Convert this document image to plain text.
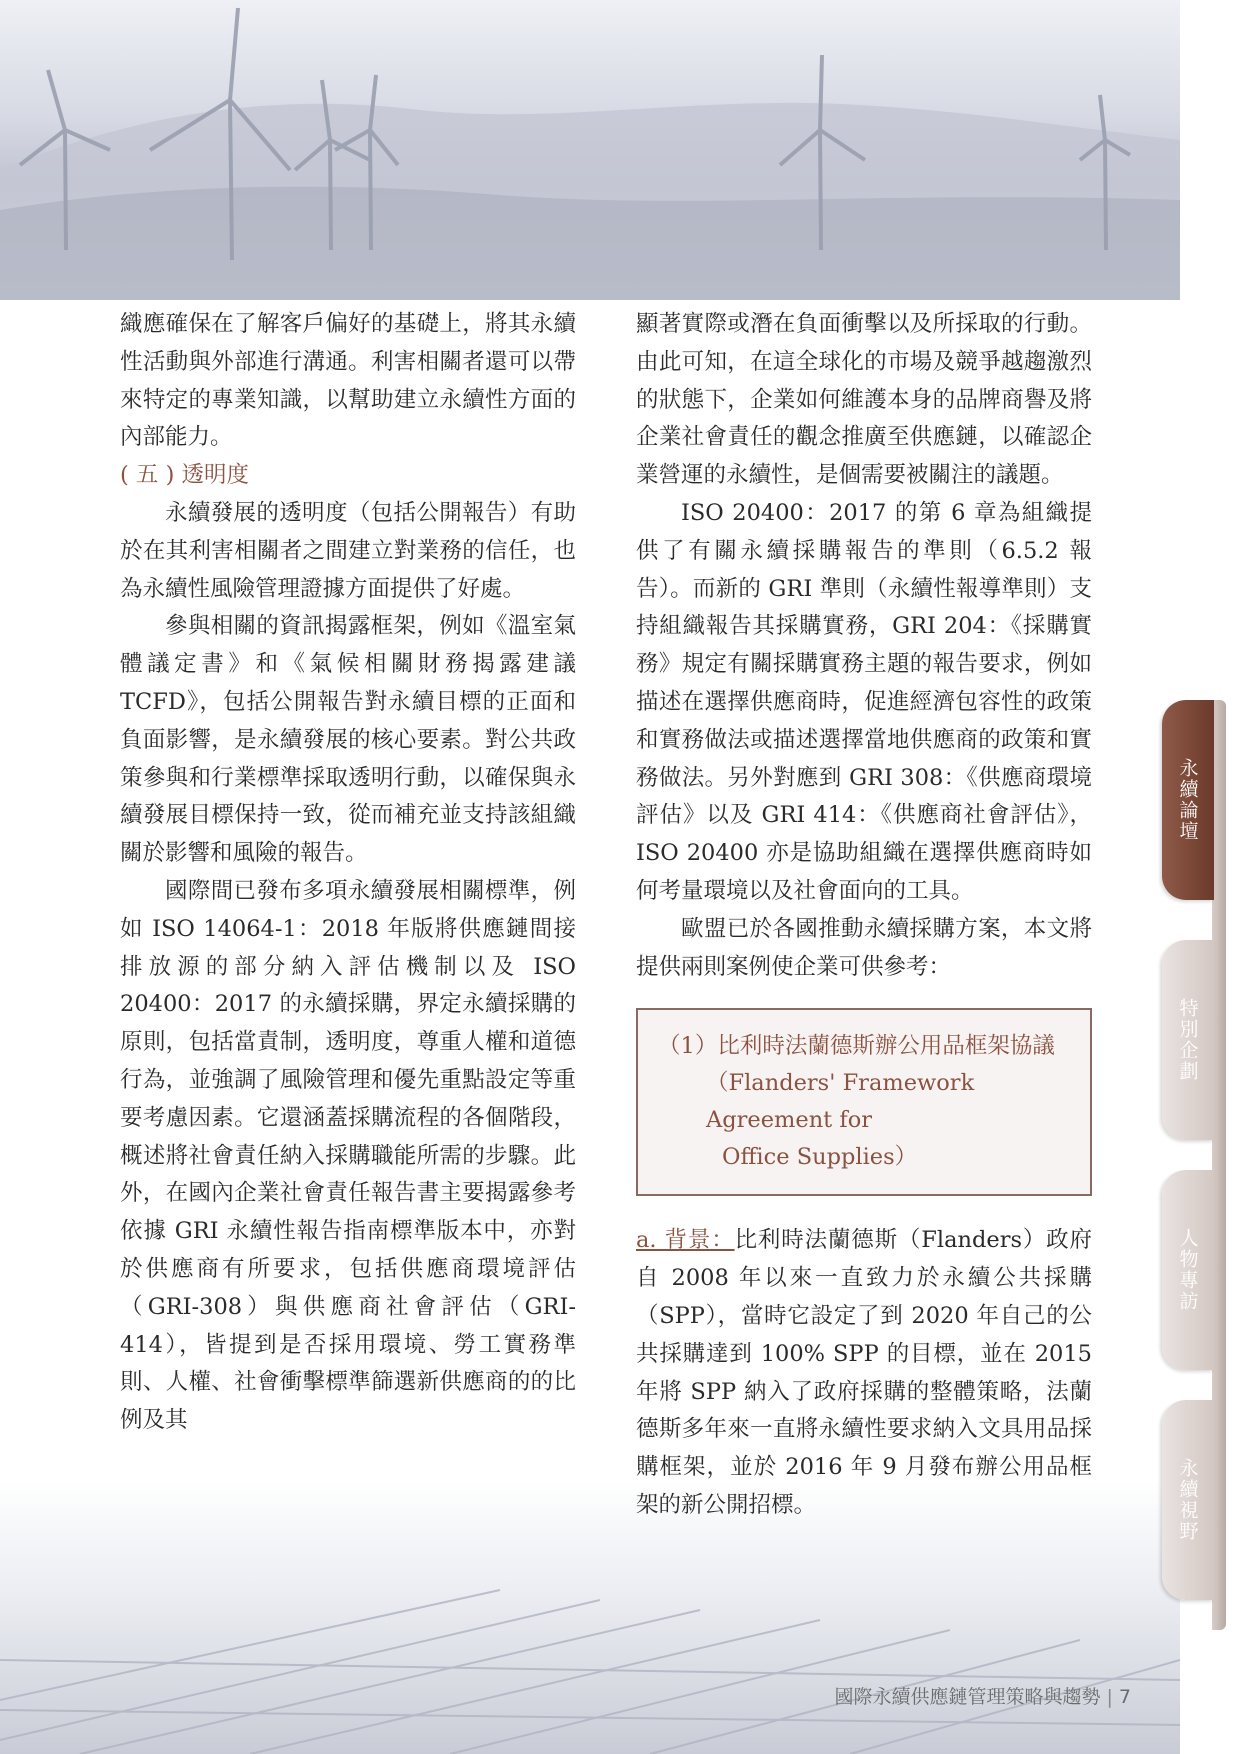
永續論壇
特別企劃
人物專訪
永續視野

織應確保在了解客戶偏好的基礎上，將其永續性活動與外部進行溝通。利害相關者還可以帶來特定的專業知識，以幫助建立永續性方面的內部能力。

( 五 ) 透明度

永續發展的透明度（包括公開報告）有助於在其利害相關者之間建立對業務的信任，也為永續性風險管理證據方面提供了好處。

參與相關的資訊揭露框架，例如《溫室氣體議定書》和《氣候相關財務揭露建議 TCFD》，包括公開報告對永續目標的正面和負面影響，是永續發展的核心要素。對公共政策參與和行業標準採取透明行動，以確保與永續發展目標保持一致，從而補充並支持該組織關於影響和風險的報告。

國際間已發布多項永續發展相關標準，例如 ISO 14064-1：2018 年版將供應鏈間接排放源的部分納入評估機制以及 ISO 20400：2017 的永續採購，界定永續採購的原則，包括當責制，透明度，尊重人權和道德行為，並強調了風險管理和優先重點設定等重要考慮因素。它還涵蓋採購流程的各個階段，概述將社會責任納入採購職能所需的步驟。此外，在國內企業社會責任報告書主要揭露參考依據 GRI 永續性報告指南標準版本中，亦對於供應商有所要求，包括供應商環境評估（GRI-308）與供應商社會評估（GRI-414），皆提到是否採用環境、勞工實務準則、人權、社會衝擊標準篩選新供應商的的比例及其

顯著實際或潛在負面衝擊以及所採取的行動。由此可知，在這全球化的市場及競爭越趨激烈的狀態下，企業如何維護本身的品牌商譽及將企業社會責任的觀念推廣至供應鏈，以確認企業營運的永續性，是個需要被關注的議題。

ISO 20400：2017 的第 6 章為組織提供了有關永續採購報告的準則（6.5.2 報告）。而新的 GRI 準則（永續性報導準則）支持組織報告其採購實務，GRI 204：《採購實務》規定有關採購實務主題的報告要求，例如描述在選擇供應商時，促進經濟包容性的政策和實務做法或描述選擇當地供應商的政策和實務做法。另外對應到 GRI 308：《供應商環境評估》以及 GRI 414：《供應商社會評估》，ISO 20400 亦是協助組織在選擇供應商時如何考量環境以及社會面向的工具。

歐盟已於各國推動永續採購方案，本文將提供兩則案例使企業可供參考：

（1）比利時法蘭德斯辦公用品框架協議
（Flanders' Framework Agreement for
Office Supplies）

a. 背景：比利時法蘭德斯（Flanders）政府自 2008 年以來一直致力於永續公共採購（SPP），當時它設定了到 2020 年自己的公共採購達到 100% SPP 的目標，並在 2015 年將 SPP 納入了政府採購的整體策略，法蘭德斯多年來一直將永續性要求納入文具用品採購框架，並於 2016 年 9 月發布辦公用品框架的新公開招標。

國際永續供應鏈管理策略與趨勢 | 7
